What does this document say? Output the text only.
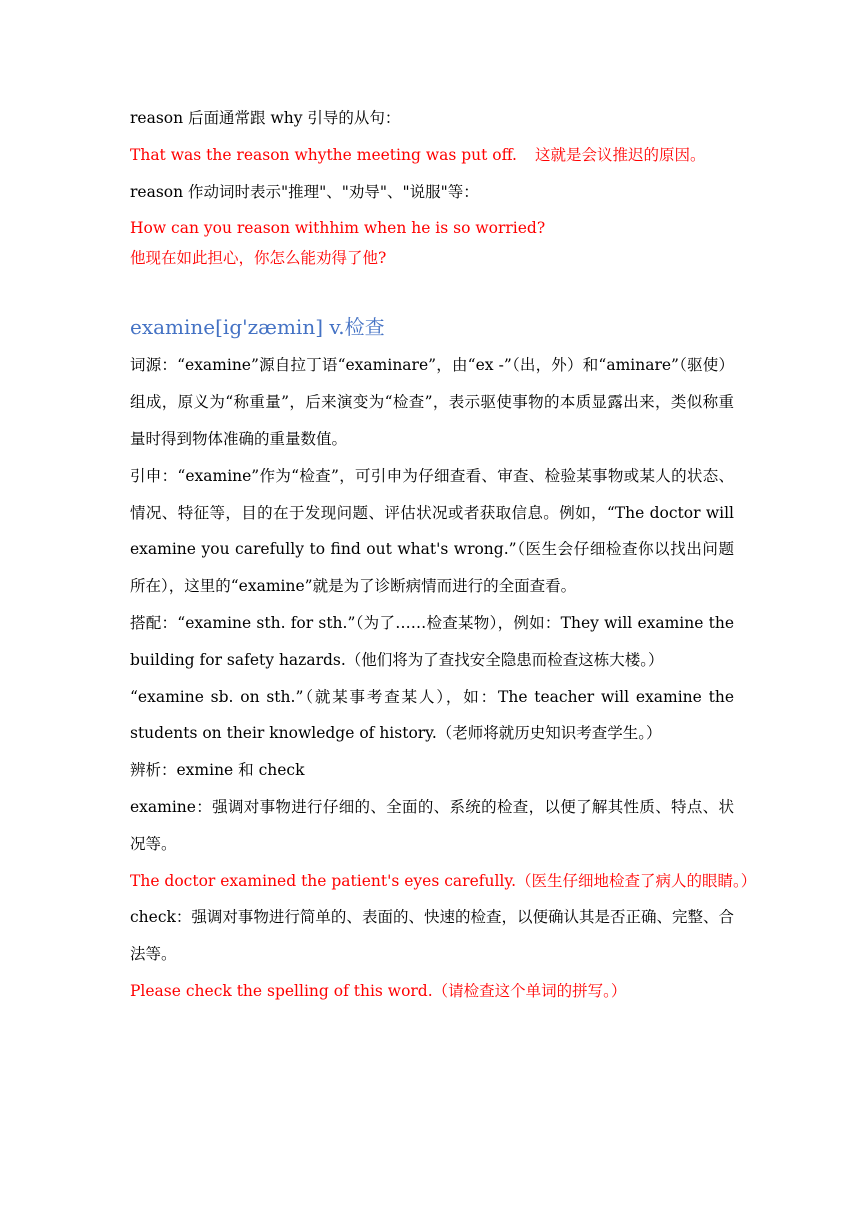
reason 后面通常跟 why 引导的从句：
That was the reason whythe meeting was put off. 这就是会议推迟的原因。
reason 作动词时表示"推理"、"劝导"、"说服"等：
How can you reason withhim when he is so worried?
他现在如此担心，你怎么能劝得了他?
examine[ig'zæmin] v.检查
词源：“examine”源自拉丁语“examinare”，由“ex -”（出，外）和“aminare”（驱使）组成，原义为“称重量”，后来演变为“检查”，表示驱使事物的本质显露出来，类似称重量时得到物体准确的重量数值。
引申：“examine”作为“检查”，可引申为仔细查看、审查、检验某事物或某人的状态、情况、特征等，目的在于发现问题、评估状况或者获取信息。例如，“The doctor will examine you carefully to find out what's wrong.”（医生会仔细检查你以找出问题所在），这里的“examine”就是为了诊断病情而进行的全面查看。
搭配：“examine sth. for sth.”（为了……检查某物），例如：They will examine the building for safety hazards.（他们将为了查找安全隐患而检查这栋大楼。）
“examine sb. on sth.”（就某事考查某人），如：The teacher will examine the students on their knowledge of history.（老师将就历史知识考查学生。）
辨析：exmine 和 check
examine：强调对事物进行仔细的、全面的、系统的检查，以便了解其性质、特点、状况等。
The doctor examined the patient's eyes carefully.（医生仔细地检查了病人的眼睛。）
check：强调对事物进行简单的、表面的、快速的检查，以便确认其是否正确、完整、合法等。
Please check the spelling of this word.（请检查这个单词的拼写。）
